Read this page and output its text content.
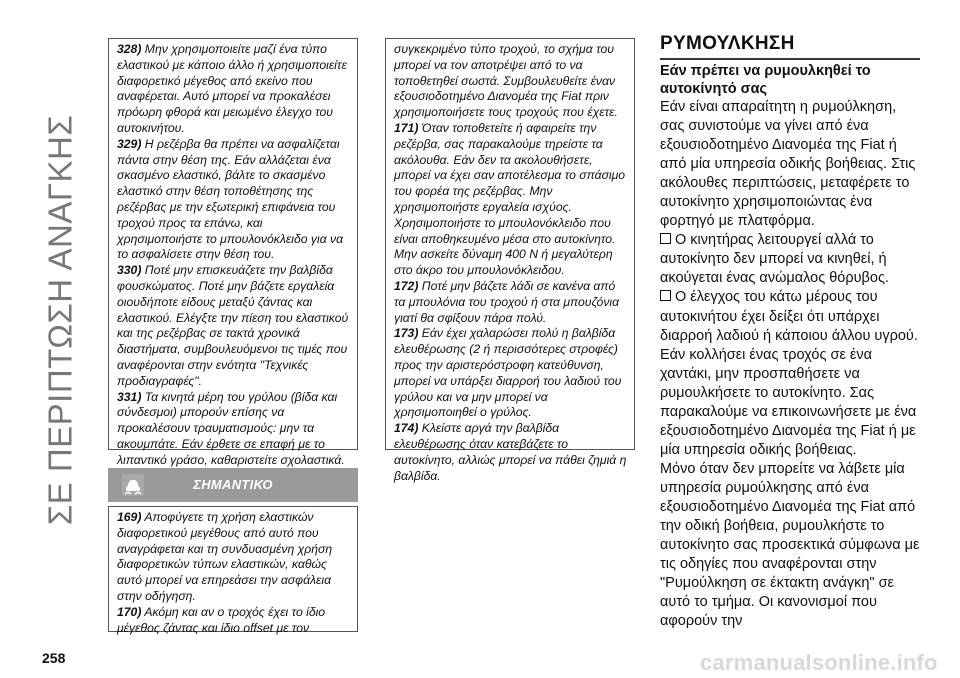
ΣΕ ΠΕΡΙΠΤΩΣΗ ΑΝΑΓΚΗΣ

328) Μην χρησιμοποιείτε μαζί ένα τύπο ελαστικού με κάποιο άλλο ή χρησιμοποιείτε διαφορετικό μέγεθος από εκείνο που αναφέρεται. Αυτό μπορεί να προκαλέσει πρόωρη φθορά και μειωμένο έλεγχο του αυτοκινήτου.

329) Η ρεζέρβα θα πρέπει να ασφαλίζεται πάντα στην θέση της. Εάν αλλάζεται ένα σκασμένο ελαστικό, βάλτε το σκασμένο ελαστικό στην θέση τοποθέτησης της ρεζέρβας με την εξωτερική επιφάνεια του τροχού προς τα επάνω, και χρησιμοποιήστε το μπουλονόκλειδο για να το ασφαλίσετε στην θέση του.

330) Ποτέ μην επισκευάζετε την βαλβίδα φουσκώματος. Ποτέ μην βάζετε εργαλεία οιουδήποτε είδους μεταξύ ζάντας και ελαστικού. Ελέγξτε την πίεση του ελαστικού και της ρεζέρβας σε τακτά χρονικά διαστήματα, συμβουλευόμενοι τις τιμές που αναφέρονται στην ενότητα "Τεχνικές προδιαγραφές".

331) Τα κινητά μέρη του γρύλου (βίδα και σύνδεσμοι) μπορούν επίσης να προκαλέσουν τραυματισμούς: μην τα ακουμπάτε. Εάν έρθετε σε επαφή με το λιπαντικό γράσο, καθαριστείτε σχολαστικά.

συγκεκριμένο τύπο τροχού, το σχήμα του μπορεί να τον αποτρέψει από το να τοποθετηθεί σωστά. Συμβουλευθείτε έναν εξουσιοδοτημένο Διανομέα της Fiat πριν χρησιμοποιήσετε τους τροχούς που έχετε.

171) Όταν τοποθετείτε ή αφαιρείτε την ρεζέρβα, σας παρακαλούμε τηρείστε τα ακόλουθα. Εάν δεν τα ακολουθήσετε, μπορεί να έχει σαν αποτέλεσμα το σπάσιμο του φορέα της ρεζέρβας. Μην χρησιμοποιήστε εργαλεία ισχύος. Χρησιμοποιήστε το μπουλονόκλειδο που είναι αποθηκευμένο μέσα στο αυτοκίνητο. Μην ασκείτε δύναμη 400 N ή μεγαλύτερη στο άκρο του μπουλονόκλειδου.

172) Ποτέ μην βάζετε λάδι σε κανένα από τα μπουλόνια του τροχού ή στα μπουζόνια γιατί θα σφίξουν πάρα πολύ.

173) Εάν έχει χαλαρώσει πολύ η βαλβίδα ελευθέρωσης (2 ή περισσότερες στροφές) προς την αριστερόστροφη κατεύθυνση, μπορεί να υπάρξει διαρροή του λαδιού του γρύλου και να μην μπορεί να χρησιμοποιηθεί ο γρύλος.

174) Κλείστε αργά την βαλβίδα ελευθέρωσης όταν κατεβάζετε το αυτοκίνητο, αλλιώς μπορεί να πάθει ζημιά η βαλβίδα.

ΣΗΜΑΝΤΙΚΟ

169) Αποφύγετε τη χρήση ελαστικών διαφορετικού μεγέθους από αυτό που αναγράφεται και τη συνδυασμένη χρήση διαφορετικών τύπων ελαστικών, καθώς αυτό μπορεί να επηρεάσει την ασφάλεια στην οδήγηση.

170) Ακόμη και αν ο τροχός έχει το ίδιο μέγεθος ζάντας και ίδιο offset με τον

ΡΥΜΟΥΛΚΗΣΗ
Εάν πρέπει να ρυμουλκηθεί το αυτοκίνητό σας

Εάν είναι απαραίτητη η ρυμούλκηση, σας συνιστούμε να γίνει από ένα εξουσιοδοτημένο Διανομέα της Fiat ή από μία υπηρεσία οδικής βοήθειας. Στις ακόλουθες περιπτώσεις, μεταφέρετε το αυτοκίνητο χρησιμοποιώντας ένα φορτηγό με πλατφόρμα.

Ο κινητήρας λειτουργεί αλλά το αυτοκίνητο δεν μπορεί να κινηθεί, ή ακούγεται ένας ανώμαλος θόρυβος.

Ο έλεγχος του κάτω μέρους του αυτοκινήτου έχει δείξει ότι υπάρχει διαρροή λαδιού ή κάποιου άλλου υγρού.

Εάν κολλήσει ένας τροχός σε ένα χαντάκι, μην προσπαθήσετε να ρυμουλκήσετε το αυτοκίνητο. Σας παρακαλούμε να επικοινωνήσετε με ένα εξουσιοδοτημένο Διανομέα της Fiat ή με μία υπηρεσία οδικής βοήθειας.

Μόνο όταν δεν μπορείτε να λάβετε μία υπηρεσία ρυμούλκησης από ένα εξουσιοδοτημένο Διανομέα της Fiat από την οδική βοήθεια, ρυμουλκήστε το αυτοκίνητο σας προσεκτικά σύμφωνα με τις οδηγίες που αναφέρονται στην "Ρυμούλκηση σε έκτακτη ανάγκη" σε αυτό το τμήμα. Οι κανονισμοί που αφορούν την

258	carmanualsonline.info
